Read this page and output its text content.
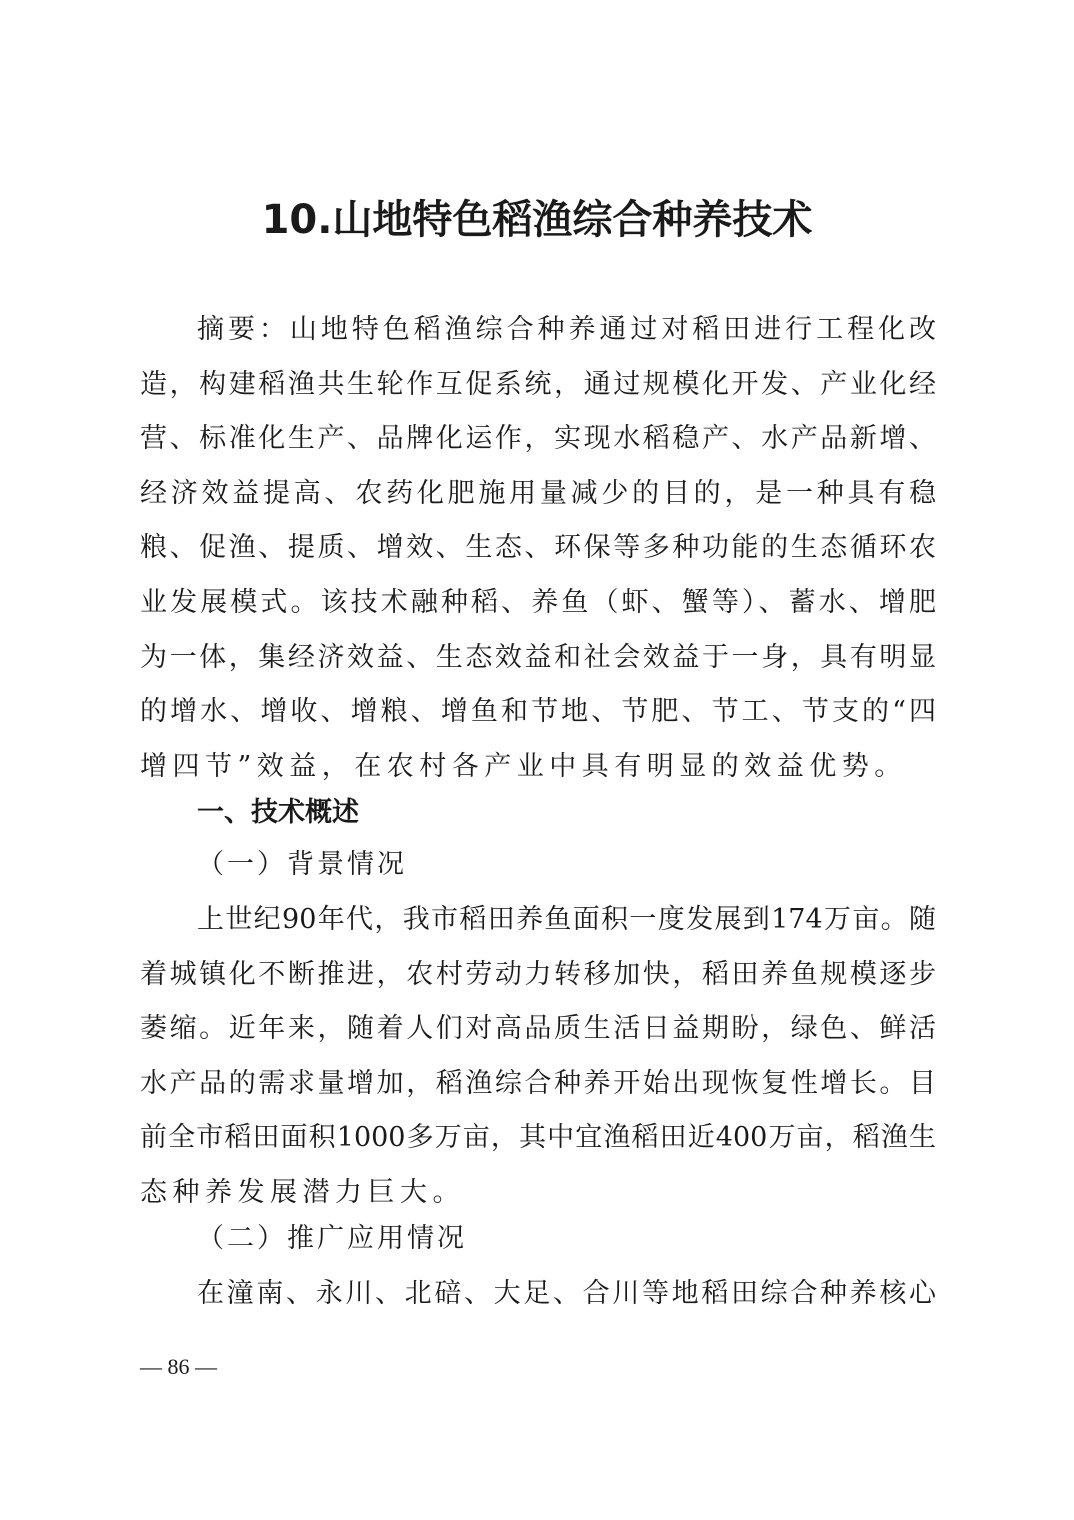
10.山地特色稻渔综合种养技术
摘要：山地特色稻渔综合种养通过对稻田进行工程化改
造，构建稻渔共生轮作互促系统，通过规模化开发、产业化经
营、标准化生产、品牌化运作，实现水稻稳产、水产品新增、
经济效益提高、农药化肥施用量减少的目的，是一种具有稳
粮、促渔、提质、增效、生态、环保等多种功能的生态循环农
业发展模式。该技术融种稻、养鱼（虾、蟹等）、蓄水、增肥
为一体，集经济效益、生态效益和社会效益于一身，具有明显
的增水、增收、增粮、增鱼和节地、节肥、节工、节支的“四
增四节”效益，在农村各产业中具有明显的效益优势。
一、技术概述
（一）背景情况
上世纪90年代，我市稻田养鱼面积一度发展到174万亩。随
着城镇化不断推进，农村劳动力转移加快，稻田养鱼规模逐步
萎缩。近年来，随着人们对高品质生活日益期盼，绿色、鲜活
水产品的需求量增加，稻渔综合种养开始出现恢复性增长。目
前全市稻田面积1000多万亩，其中宜渔稻田近400万亩，稻渔生
态种养发展潜力巨大。
（二）推广应用情况
在潼南、永川、北碚、大足、合川等地稻田综合种养核心
— 86 —
